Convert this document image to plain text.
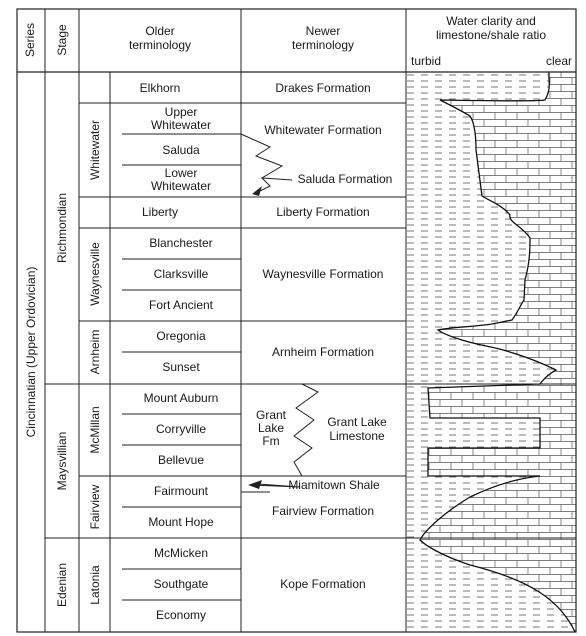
Series Stage	Older
terminology
Newer
terminology
Water clarity and
limestone/shale ratio
turbid	clear
Cincinnatian (Upper Ordovician)
Richmondian
Maysvillian
Edenian
Whitewater
Waynesville
Arnheim
McMillan
Fairview
Latonia
Elkhorn
Upper
Whitewater
Saluda
Lower
Whitewater
Liberty
Blanchester
Clarksville
Fort Ancient
Oregonia
Sunset
Mount Auburn
Corryville
Bellevue
Fairmount
Mount Hope
McMicken
Southgate
Economy
Drakes Formation
Whitewater Formation
Saluda Formation
Liberty Formation
Waynesville Formation
Arnheim Formation
Grant
Lake
Fm
Grant Lake
Limestone
Miamitown Shale
Fairview Formation
Kope Formation
